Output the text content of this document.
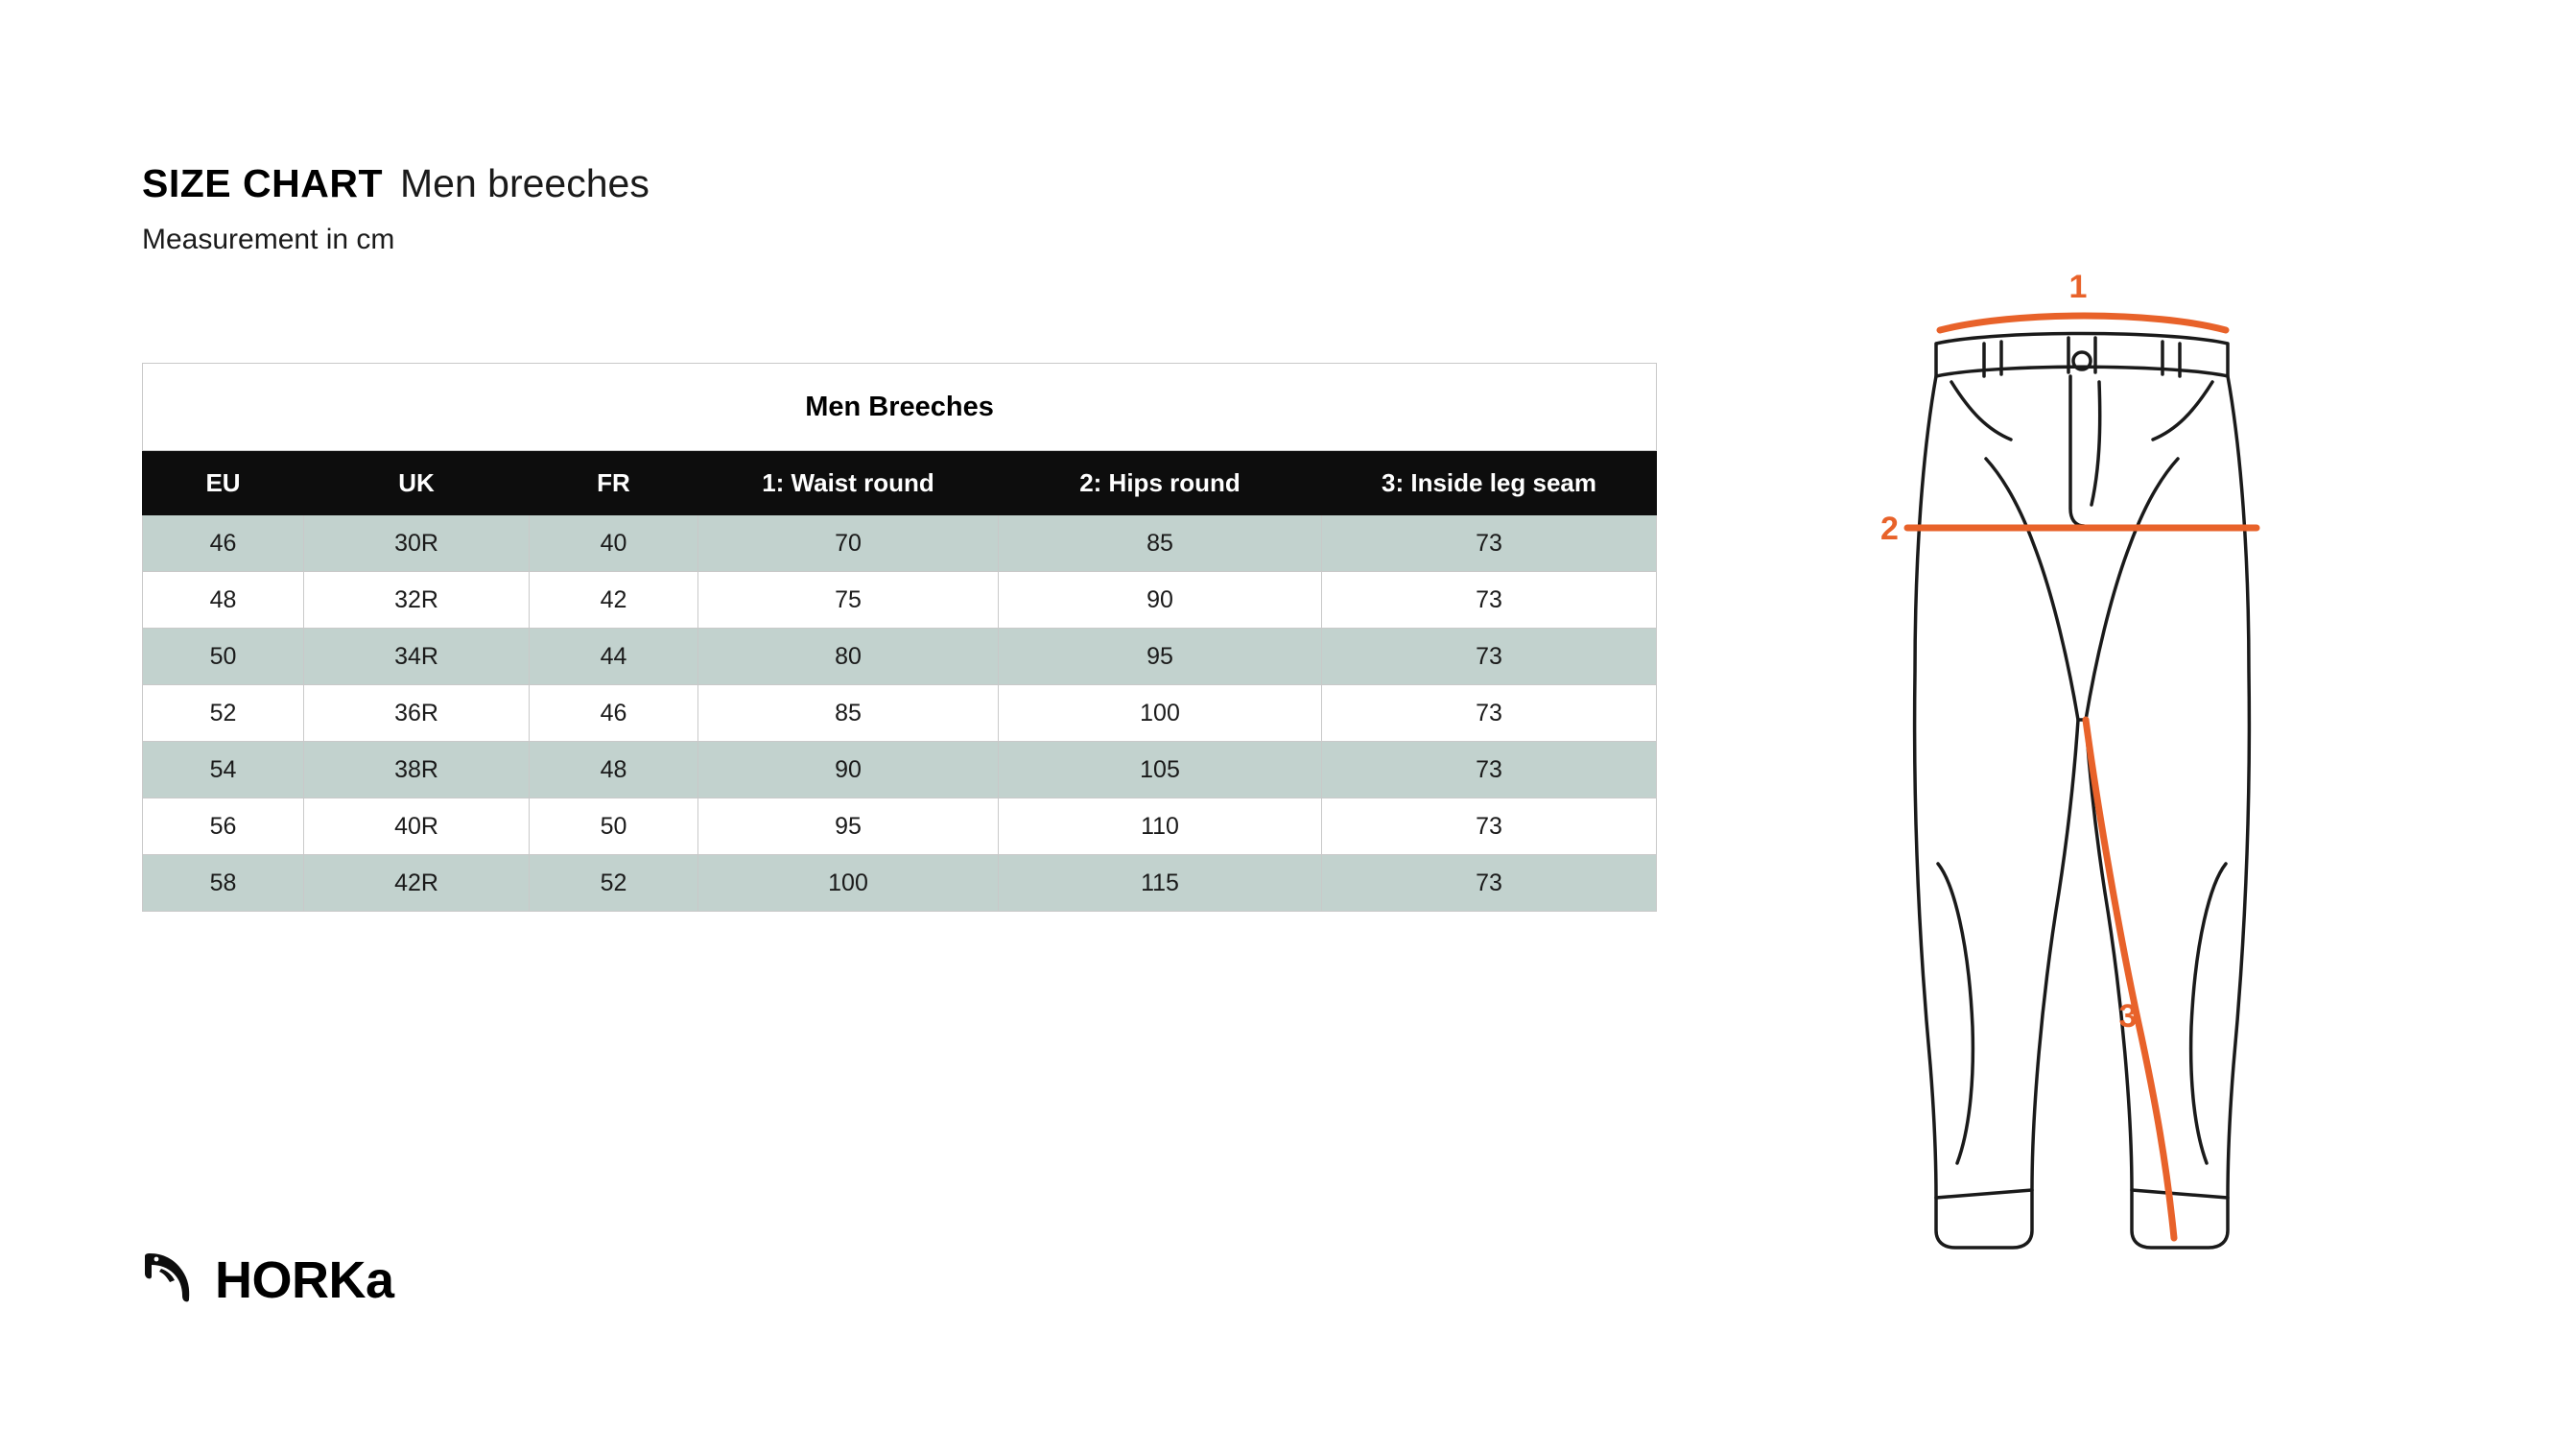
SIZE CHART Men breeches
Measurement in cm
Men Breeches					
EU	UK	FR	1: Waist round	2: Hips round	3: Inside leg seam
46	30R	40	70	85	73
48	32R	42	75	90	73
50	34R	44	80	95	73
52	36R	46	85	100	73
54	38R	48	90	105	73
56	40R	50	95	110	73
58	42R	52	100	115	73
HORKa
1
2
3
